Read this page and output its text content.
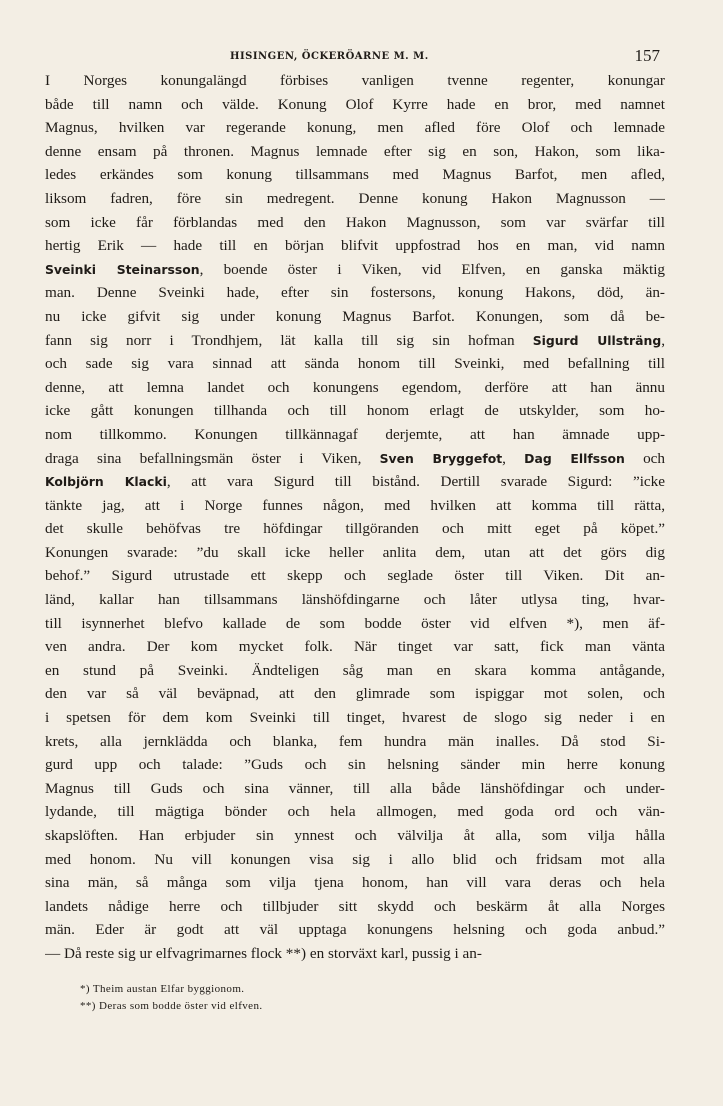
HISINGEN, ÖCKERÖARNE M. M.	157
I Norges konungalängd förbises vanligen tvenne regenter, konungar
både till namn och välde. Konung Olof Kyrre hade en bror, med namnet
Magnus, hvilken var regerande konung, men afled före Olof och lemnade
denne ensam på thronen. Magnus lemnade efter sig en son, Hakon, som lika-
ledes erkändes som konung tillsammans med Magnus Barfot, men afled,
liksom fadren, före sin medregent. Denne konung Hakon Magnusson —
som icke får förblandas med den Hakon Magnusson, som var svärfar till
hertig Erik — hade till en början blifvit uppfostrad hos en man, vid namn
Sveinki Steinarsson, boende öster i Viken, vid Elfven, en ganska mäktig
man. Denne Sveinki hade, efter sin fostersons, konung Hakons, död, än-
nu icke gifvit sig under konung Magnus Barfot. Konungen, som då be-
fann sig norr i Trondhjem, lät kalla till sig sin hofman Sigurd Ullsträng,
och sade sig vara sinnad att sända honom till Sveinki, med befallning till
denne, att lemna landet och konungens egendom, derföre att han ännu
icke gått konungen tillhanda och till honom erlagt de utskylder, som ho-
nom tillkommo. Konungen tillkännagaf derjemte, att han ämnade upp-
draga sina befallningsmän öster i Viken, Sven Bryggefot, Dag Ellfsson och
Kolbjörn Klacki, att vara Sigurd till bistånd. Dertill svarade Sigurd: ”icke
tänkte jag, att i Norge funnes någon, med hvilken att komma till rätta,
det skulle behöfvas tre höfdingar tillgöranden och mitt eget på köpet.”
Konungen svarade: ”du skall icke heller anlita dem, utan att det görs dig
behof.” Sigurd utrustade ett skepp och seglade öster till Viken. Dit an-
länd, kallar han tillsammans länshöfdingarne och låter utlysa ting, hvar-
till isynnerhet blefvo kallade de som bodde öster vid elfven *), men äf-
ven andra. Der kom mycket folk. När tinget var satt, fick man vänta
en stund på Sveinki. Ändteligen såg man en skara komma antågande,
den var så väl beväpnad, att den glimrade som ispiggar mot solen, och
i spetsen för dem kom Sveinki till tinget, hvarest de slogo sig neder i en
krets, alla jernklädda och blanka, fem hundra män inalles. Då stod Si-
gurd upp och talade: ”Guds och sin helsning sänder min herre konung
Magnus till Guds och sina vänner, till alla både länshöfdingar och under-
lydande, till mägtiga bönder och hela allmogen, med goda ord och vän-
skapslöften. Han erbjuder sin ynnest och välvilja åt alla, som vilja hålla
med honom. Nu vill konungen visa sig i allo blid och fridsam mot alla
sina män, så många som vilja tjena honom, han vill vara deras och hela
landets nådige herre och tillbjuder sitt skydd och beskärm åt alla Norges
män. Eder är godt att väl upptaga konungens helsning och goda anbud.”
— Då reste sig ur elfvagrimarnes flock **) en storväxt karl, pussig i an-
*) Theim austan Elfar byggionom.
**) Deras som bodde öster vid elfven.
